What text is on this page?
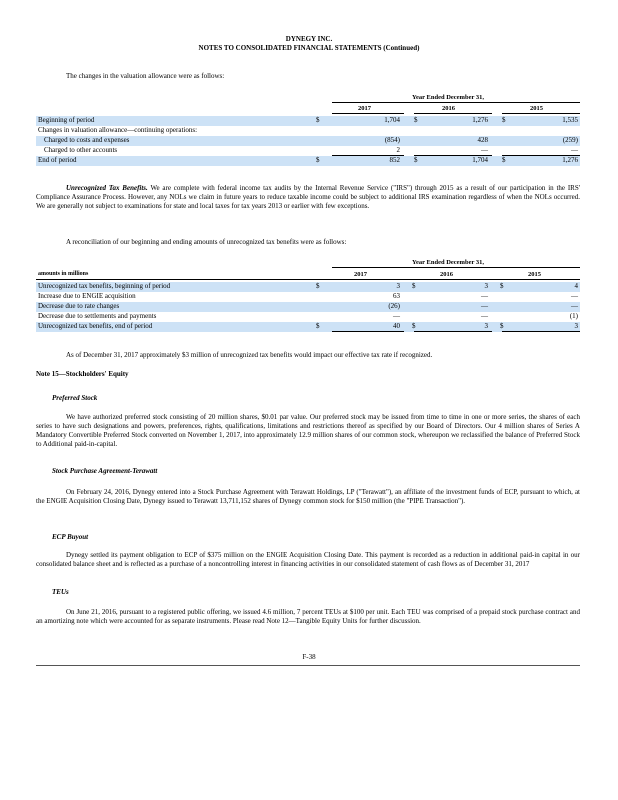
DYNEGY INC.
NOTES TO CONSOLIDATED FINANCIAL STATEMENTS (Continued)
The changes in the valuation allowance were as follows:
Year Ended December 31,
2017	2016	2015
Beginning of period	$	1,704 $	1,276 $	1,535
Changes in valuation allowance—continuing operations:
Charged to costs and expenses	(854)	428	(259)
Charged to other accounts	2	—	—
End of period	$	852 $	1,704 $	1,276
Unrecognized Tax Benefits. We are complete with federal income tax audits by the Internal Revenue Service ("IRS") through 2015 as a result of our participation in the IRS' Compliance Assurance Process. However, any NOLs we claim in future years to reduce taxable income could be subject to additional IRS examination regardless of when the NOLs occurred. We are generally not subject to examinations for state and local taxes for tax years 2013 or earlier with few exceptions.
A reconciliation of our beginning and ending amounts of unrecognized tax benefits were as follows:
Year Ended December 31,
amounts in millions	2017	2016	2015
Unrecognized tax benefits, beginning of period	$	3 $	3 $	4
Increase due to ENGIE acquisition	63	—	—
Decrease due to rate changes	(26)	—	—
Decrease due to settlements and payments	—	—	(1)
Unrecognized tax benefits, end of period	$	40 $	3 $	3
As of December 31, 2017 approximately $3 million of unrecognized tax benefits would impact our effective tax rate if recognized.
Note 15—Stockholders' Equity
Preferred Stock
We have authorized preferred stock consisting of 20 million shares, $0.01 par value. Our preferred stock may be issued from time to time in one or more series, the shares of each series to have such designations and powers, preferences, rights, qualifications, limitations and restrictions thereof as specified by our Board of Directors. Our 4 million shares of Series A Mandatory Convertible Preferred Stock converted on November 1, 2017, into approximately 12.9 million shares of our common stock, whereupon we reclassified the balance of Preferred Stock to Additional paid-in-capital.
Stock Purchase Agreement-Terawatt
On February 24, 2016, Dynegy entered into a Stock Purchase Agreement with Terawatt Holdings, LP ("Terawatt"), an affiliate of the investment funds of ECP, pursuant to which, at the ENGIE Acquisition Closing Date, Dynegy issued to Terawatt 13,711,152 shares of Dynegy common stock for $150 million (the "PIPE Transaction").
ECP Buyout
Dynegy settled its payment obligation to ECP of $375 million on the ENGIE Acquisition Closing Date. This payment is recorded as a reduction in additional paid-in capital in our consolidated balance sheet and is reflected as a purchase of a noncontrolling interest in financing activities in our consolidated statement of cash flows as of December 31, 2017
TEUs
On June 21, 2016, pursuant to a registered public offering, we issued 4.6 million, 7 percent TEUs at $100 per unit. Each TEU was comprised of a prepaid stock purchase contract and an amortizing note which were accounted for as separate instruments. Please read Note 12—Tangible Equity Units for further discussion.
F-38
